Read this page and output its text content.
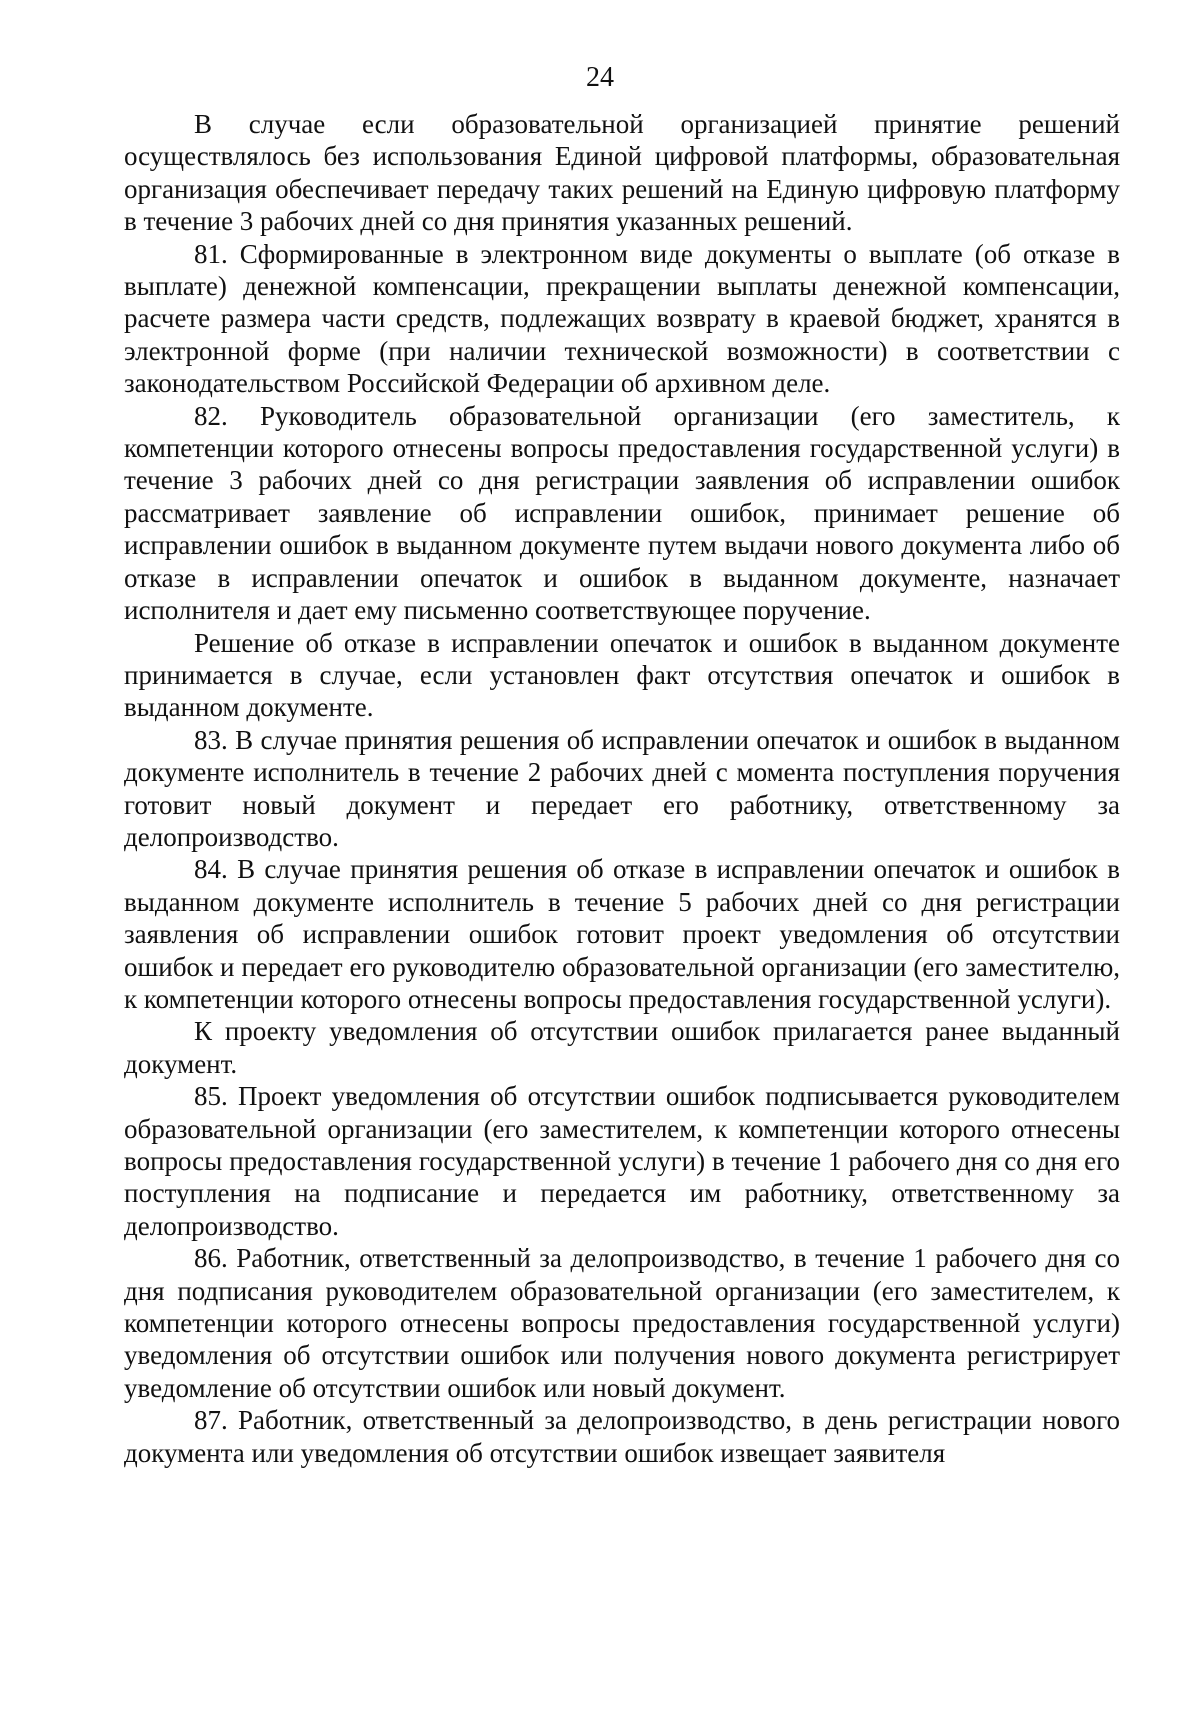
24

В случае если образовательной организацией принятие решений осуществлялось без использования Единой цифровой платформы, образовательная организация обеспечивает передачу таких решений на Единую цифровую платформу в течение 3 рабочих дней со дня принятия указанных решений.

81. Сформированные в электронном виде документы о выплате (об отказе в выплате) денежной компенсации, прекращении выплаты денежной компенсации, расчете размера части средств, подлежащих возврату в краевой бюджет, хранятся в электронной форме (при наличии технической возможности) в соответствии с законодательством Российской Федерации об архивном деле.

82. Руководитель образовательной организации (его заместитель, к компетенции которого отнесены вопросы предоставления государственной услуги) в течение 3 рабочих дней со дня регистрации заявления об исправлении ошибок рассматривает заявление об исправлении ошибок, принимает решение об исправлении ошибок в выданном документе путем выдачи нового документа либо об отказе в исправлении опечаток и ошибок в выданном документе, назначает исполнителя и дает ему письменно соответствующее поручение.

Решение об отказе в исправлении опечаток и ошибок в выданном документе принимается в случае, если установлен факт отсутствия опечаток и ошибок в выданном документе.

83. В случае принятия решения об исправлении опечаток и ошибок в выданном документе исполнитель в течение 2 рабочих дней с момента поступления поручения готовит новый документ и передает его работнику, ответственному за делопроизводство.

84. В случае принятия решения об отказе в исправлении опечаток и ошибок в выданном документе исполнитель в течение 5 рабочих дней со дня регистрации заявления об исправлении ошибок готовит проект уведомления об отсутствии ошибок и передает его руководителю образовательной организации (его заместителю, к компетенции которого отнесены вопросы предоставления государственной услуги).

К проекту уведомления об отсутствии ошибок прилагается ранее выданный документ.

85. Проект уведомления об отсутствии ошибок подписывается руководителем образовательной организации (его заместителем, к компетенции которого отнесены вопросы предоставления государственной услуги) в течение 1 рабочего дня со дня его поступления на подписание и передается им работнику, ответственному за делопроизводство.

86. Работник, ответственный за делопроизводство, в течение 1 рабочего дня со дня подписания руководителем образовательной организации (его заместителем, к компетенции которого отнесены вопросы предоставления государственной услуги) уведомления об отсутствии ошибок или получения нового документа регистрирует уведомление об отсутствии ошибок или новый документ.

87. Работник, ответственный за делопроизводство, в день регистрации нового документа или уведомления об отсутствии ошибок извещает заявителя
